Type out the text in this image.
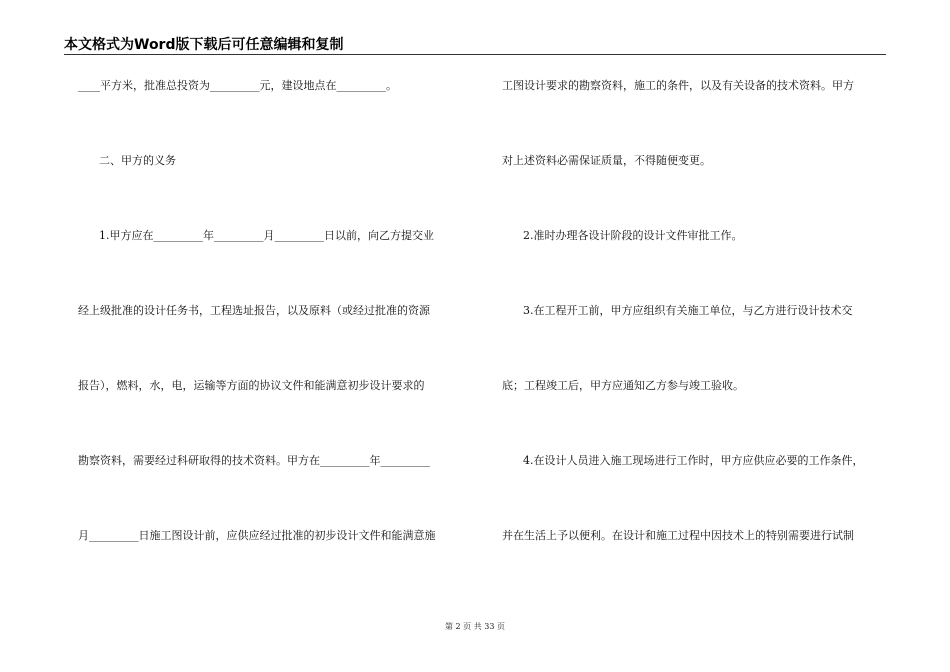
本文格式为Word版下载后可任意编辑和复制
____平方米，批准总投资为_________元，建设地点在_________。
二、甲方的义务
1.甲方应在_________年_________月_________日以前，向乙方提交业
经上级批准的设计任务书，工程选址报告，以及原料（或经过批准的资源
报告），燃料，水，电，运输等方面的协议文件和能满意初步设计要求的
勘察资料，需要经过科研取得的技术资料。甲方在_________年_________
月_________日施工图设计前，应供应经过批准的初步设计文件和能满意施
工图设计要求的勘察资料，施工的条件，以及有关设备的技术资料。甲方
对上述资料必需保证质量，不得随便变更。
2.准时办理各设计阶段的设计文件审批工作。
3.在工程开工前，甲方应组织有关施工单位，与乙方进行设计技术交
底；工程竣工后，甲方应通知乙方参与竣工验收。
4.在设计人员进入施工现场进行工作时，甲方应供应必要的工作条件，
并在生活上予以便利。在设计和施工过程中因技术上的特别需要进行试制
第 2 页 共 33 页
